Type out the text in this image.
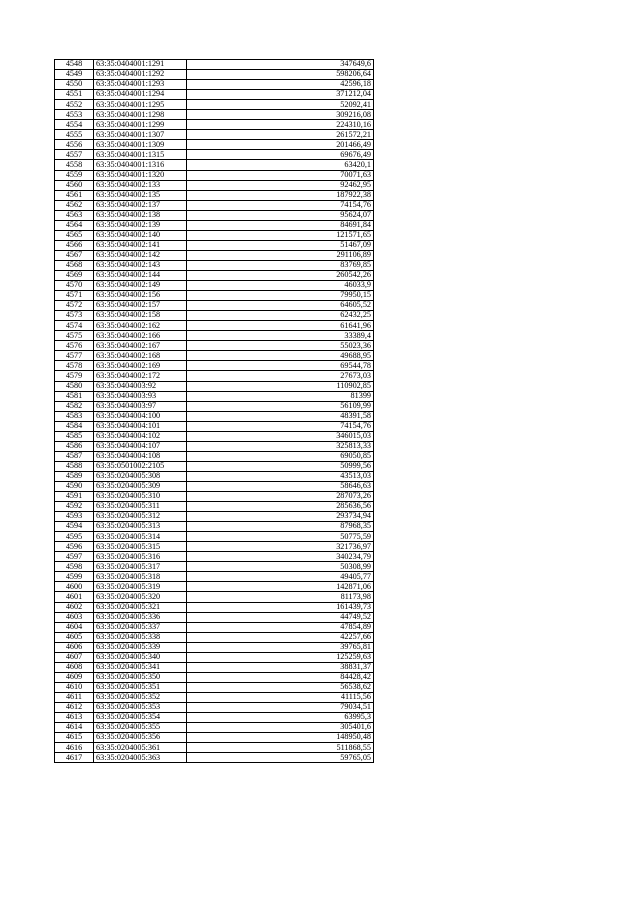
4548	63:35:0404001:1291	347649,6
4549	63:35:0404001:1292	598206,64
4550	63:35:0404001:1293	42596,18
4551	63:35:0404001:1294	371212,04
4552	63:35:0404001:1295	52092,41
4553	63:35:0404001:1298	309216,08
4554	63:35:0404001:1299	224310,16
4555	63:35:0404001:1307	261572,21
4556	63:35:0404001:1309	201466,49
4557	63:35:0404001:1315	69676,49
4558	63:35:0404001:1316	63420,1
4559	63:35:0404001:1320	70071,63
4560	63:35:0404002:133	92462,95
4561	63:35:0404002:135	187922,38
4562	63:35:0404002:137	74154,76
4563	63:35:0404002:138	95624,07
4564	63:35:0404002:139	84691,84
4565	63:35:0404002:140	121571,65
4566	63:35:0404002:141	51467,09
4567	63:35:0404002:142	291106,89
4568	63:35:0404002:143	83769,85
4569	63:35:0404002:144	260542,26
4570	63:35:0404002:149	46033,9
4571	63:35:0404002:156	79950,15
4572	63:35:0404002:157	64605,52
4573	63:35:0404002:158	62432,25
4574	63:35:0404002:162	61641,96
4575	63:35:0404002:166	33389,4
4576	63:35:0404002:167	55023,36
4577	63:35:0404002:168	49688,95
4578	63:35:0404002:169	69544,78
4579	63:35:0404002:172	27673,03
4580	63:35:0404003:92	110902,85
4581	63:35:0404003:93	81399
4582	63:35:0404003:97	56109,99
4583	63:35:0404004:100	48391,58
4584	63:35:0404004:101	74154,76
4585	63:35:0404004:102	346015,03
4586	63:35:0404004:107	325813,33
4587	63:35:0404004:108	69050,85
4588	63:35:0501002:2105	50999,56
4589	63:35:0204005:308	43513,03
4590	63:35:0204005:309	58646,63
4591	63:35:0204005:310	287073,26
4592	63:35:0204005:311	285636,56
4593	63:35:0204005:312	293734,94
4594	63:35:0204005:313	87968,35
4595	63:35:0204005:314	50775,59
4596	63:35:0204005:315	321736,97
4597	63:35:0204005:316	340234,79
4598	63:35:0204005:317	50308,99
4599	63:35:0204005:318	49405,77
4600	63:35:0204005:319	142871,06
4601	63:35:0204005:320	81173,98
4602	63:35:0204005:321	161439,73
4603	63:35:0204005:336	44749,52
4604	63:35:0204005:337	47854,89
4605	63:35:0204005:338	42257,66
4606	63:35:0204005:339	39765,81
4607	63:35:0204005:340	125259,63
4608	63:35:0204005:341	38831,37
4609	63:35:0204005:350	84428,42
4610	63:35:0204005:351	56538,62
4611	63:35:0204005:352	41115,56
4612	63:35:0204005:353	79034,51
4613	63:35:0204005:354	63995,3
4614	63:35:0204005:355	305401,6
4615	63:35:0204005:356	148950,48
4616	63:35:0204005:361	511868,55
4617	63:35:0204005:363	59765,05
